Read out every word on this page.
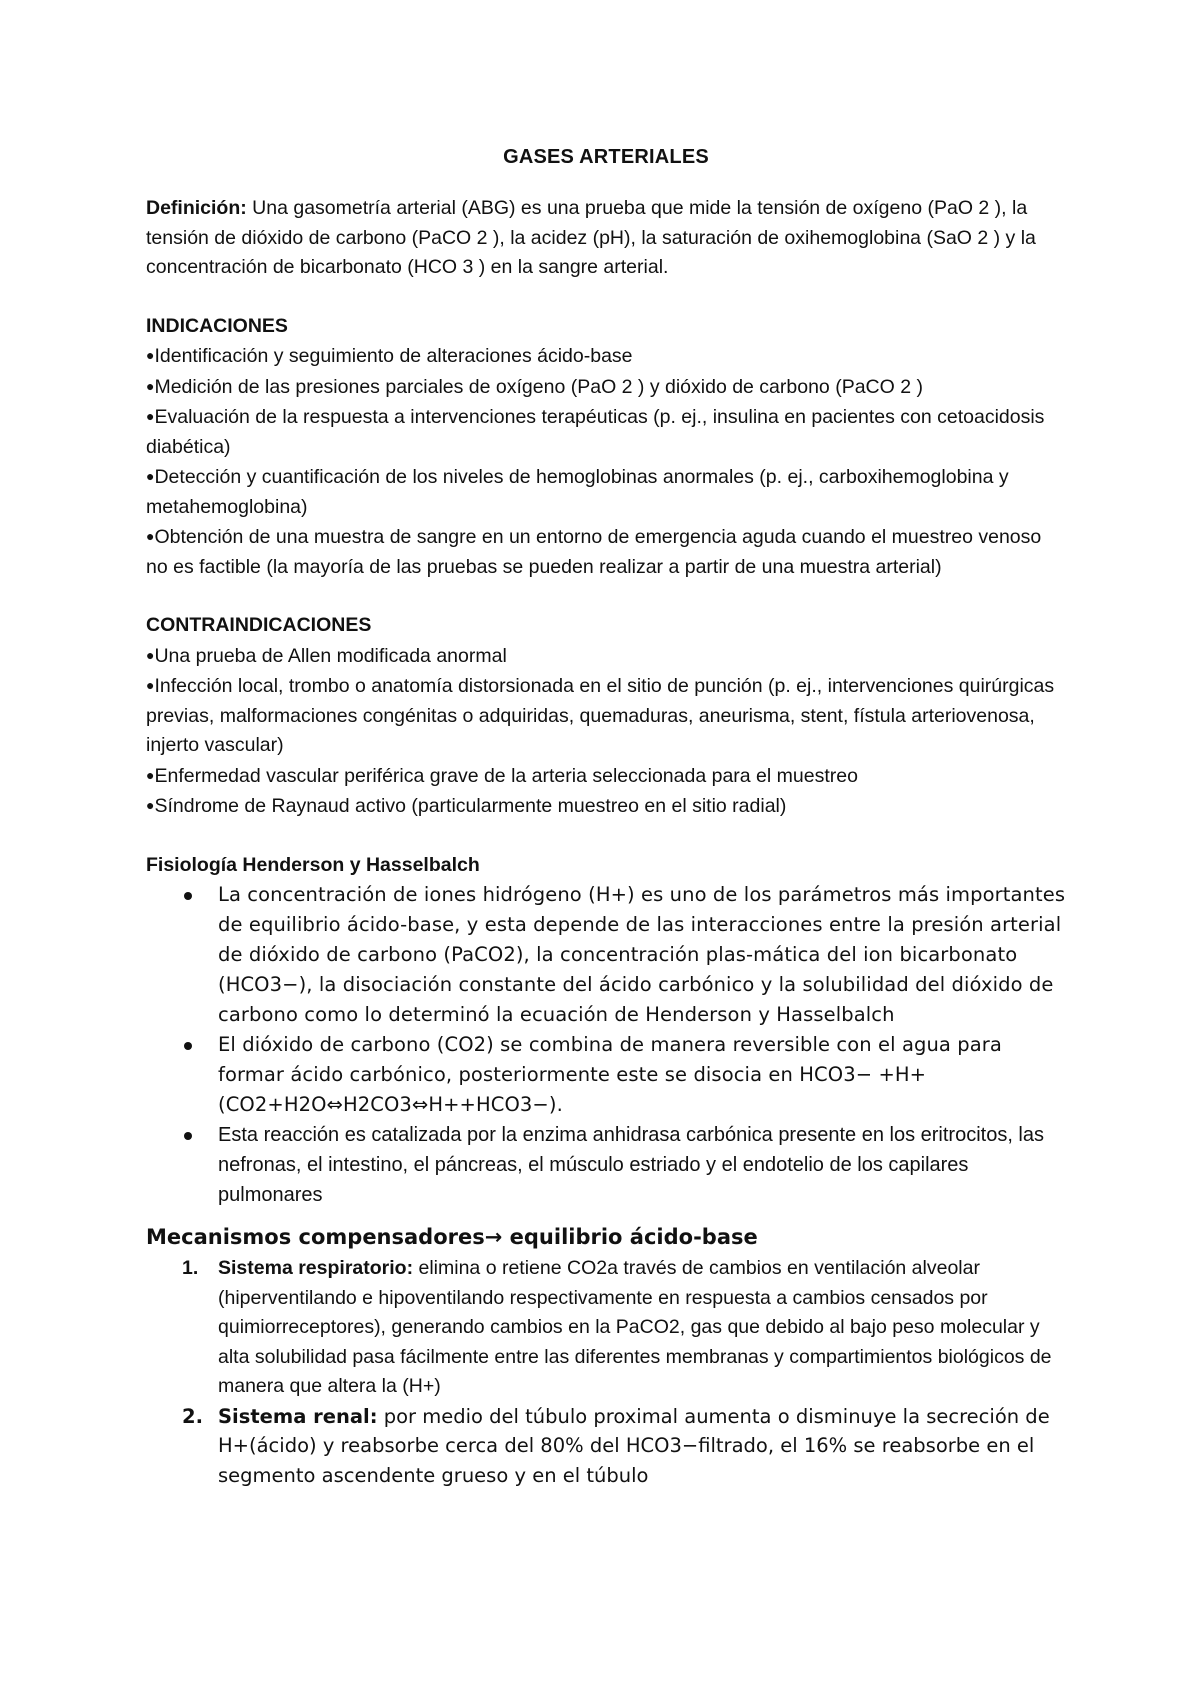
GASES ARTERIALES

Definición: Una gasometría arterial (ABG) es una prueba que mide la tensión de oxígeno (PaO 2 ), la tensión de dióxido de carbono (PaCO 2 ), la acidez (pH), la saturación de oxihemoglobina (SaO 2 ) y la concentración de bicarbonato (HCO 3 ) en la sangre arterial.

INDICACIONES

●Identificación y seguimiento de alteraciones ácido-base

●Medición de las presiones parciales de oxígeno (PaO 2 ) y dióxido de carbono (PaCO 2 )

●Evaluación de la respuesta a intervenciones terapéuticas (p. ej., insulina en pacientes con cetoacidosis diabética)

●Detección y cuantificación de los niveles de hemoglobinas anormales (p. ej., carboxihemoglobina y metahemoglobina)

●Obtención de una muestra de sangre en un entorno de emergencia aguda cuando el muestreo venoso no es factible (la mayoría de las pruebas se pueden realizar a partir de una muestra arterial)

CONTRAINDICACIONES

●Una prueba de Allen modificada anormal

●Infección local, trombo o anatomía distorsionada en el sitio de punción (p. ej., intervenciones quirúrgicas previas, malformaciones congénitas o adquiridas, quemaduras, aneurisma, stent, fístula arteriovenosa, injerto vascular)

●Enfermedad vascular periférica grave de la arteria seleccionada para el muestreo

●Síndrome de Raynaud activo (particularmente muestreo en el sitio radial)

Fisiología Henderson y Hasselbalch
La concentración de iones hidrógeno (H+) es uno de los parámetros más importantes de equilibrio ácido-base, y esta depende de las interacciones entre la presión arterial de dióxido de carbono (PaCO2), la concentración plas-mática del ion bicarbonato (HCO3−), la disociación constante del ácido carbónico y la solubilidad del dióxido de carbono como lo determinó la ecuación de Henderson y Hasselbalch
El dióxido de carbono (CO2) se combina de manera reversible con el agua para formar ácido carbónico, posteriormente este se disocia en HCO3− +H+(CO2+H2O⇔H2CO3⇔H++HCO3−).
Esta reacción es catalizada por la enzima anhidrasa carbónica presente en los eritrocitos, las nefronas, el intestino, el páncreas, el músculo estriado y el endotelio de los capilares pulmonares
Mecanismos compensadores→ equilibrio ácido-base
1. Sistema respiratorio: elimina o retiene CO2a través de cambios en ventilación alveolar (hiperventilando e hipoventilando respectivamente en respuesta a cambios censados por quimiorreceptores), generando cambios en la PaCO2, gas que debido al bajo peso molecular y alta solubilidad pasa fácilmente entre las diferentes membranas y compartimientos biológicos de manera que altera la (H+)
2. Sistema renal: por medio del túbulo proximal aumenta o disminuye la secreción de H+(ácido) y reabsorbe cerca del 80% del HCO3−filtrado, el 16% se reabsorbe en el segmento ascendente grueso y en el túbulo
